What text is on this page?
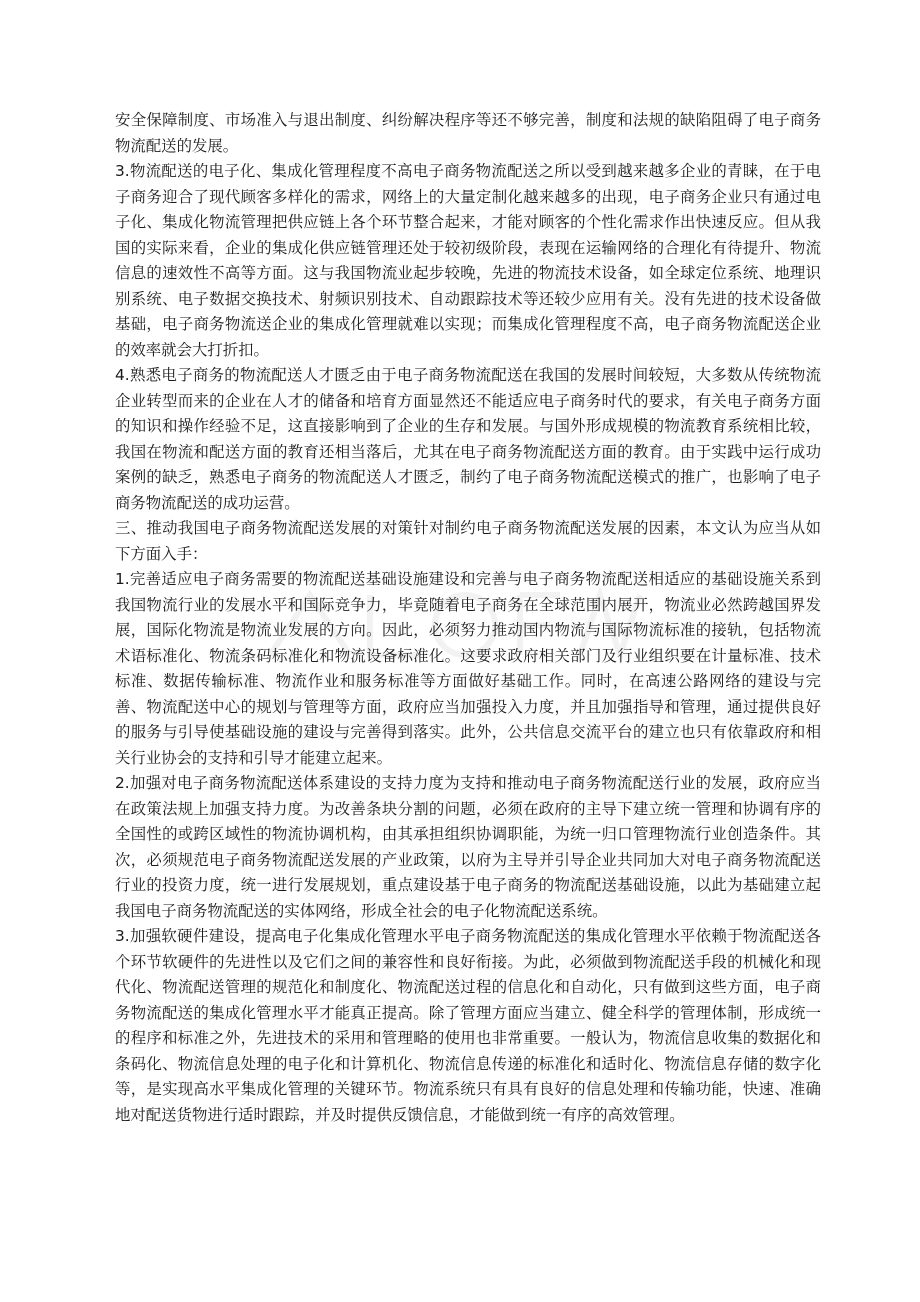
安全保障制度、市场准入与退出制度、纠纷解决程序等还不够完善，制度和法规的缺陷阻碍了电子商务物流配送的发展。

3.物流配送的电子化、集成化管理程度不高电子商务物流配送之所以受到越来越多企业的青睐，在于电子商务迎合了现代顾客多样化的需求，网络上的大量定制化越来越多的出现，电子商务企业只有通过电子化、集成化物流管理把供应链上各个环节整合起来，才能对顾客的个性化需求作出快速反应。但从我国的实际来看，企业的集成化供应链管理还处于较初级阶段，表现在运输网络的合理化有待提升、物流信息的速效性不高等方面。这与我国物流业起步较晚，先进的物流技术设备，如全球定位系统、地理识别系统、电子数据交换技术、射频识别技术、自动跟踪技术等还较少应用有关。没有先进的技术设备做基础，电子商务物流送企业的集成化管理就难以实现；而集成化管理程度不高，电子商务物流配送企业的效率就会大打折扣。

4.熟悉电子商务的物流配送人才匮乏由于电子商务物流配送在我国的发展时间较短，大多数从传统物流企业转型而来的企业在人才的储备和培育方面显然还不能适应电子商务时代的要求，有关电子商务方面的知识和操作经验不足，这直接影响到了企业的生存和发展。与国外形成规模的物流教育系统相比较，我国在物流和配送方面的教育还相当落后，尤其在电子商务物流配送方面的教育。由于实践中运行成功案例的缺乏，熟悉电子商务的物流配送人才匮乏，制约了电子商务物流配送模式的推广，也影响了电子商务物流配送的成功运营。

三、推动我国电子商务物流配送发展的对策针对制约电子商务物流配送发展的因素，本文认为应当从如下方面入手：

1.完善适应电子商务需要的物流配送基础设施建设和完善与电子商务物流配送相适应的基础设施关系到我国物流行业的发展水平和国际竞争力，毕竟随着电子商务在全球范围内展开，物流业必然跨越国界发展，国际化物流是物流业发展的方向。因此，必须努力推动国内物流与国际物流标准的接轨，包括物流术语标准化、物流条码标准化和物流设备标准化。这要求政府相关部门及行业组织要在计量标准、技术标准、数据传输标准、物流作业和服务标准等方面做好基础工作。同时，在高速公路网络的建设与完善、物流配送中心的规划与管理等方面，政府应当加强投入力度，并且加强指导和管理，通过提供良好的服务与引导使基础设施的建设与完善得到落实。此外，公共信息交流平台的建立也只有依靠政府和相关行业协会的支持和引导才能建立起来。

2.加强对电子商务物流配送体系建设的支持力度为支持和推动电子商务物流配送行业的发展，政府应当在政策法规上加强支持力度。为改善条块分割的问题，必须在政府的主导下建立统一管理和协调有序的全国性的或跨区域性的物流协调机构，由其承担组织协调职能，为统一归口管理物流行业创造条件。其次，必须规范电子商务物流配送发展的产业政策，以府为主导并引导企业共同加大对电子商务物流配送行业的投资力度，统一进行发展规划，重点建设基于电子商务的物流配送基础设施，以此为基础建立起我国电子商务物流配送的实体网络，形成全社会的电子化物流配送系统。

3.加强软硬件建设，提高电子化集成化管理水平电子商务物流配送的集成化管理水平依赖于物流配送各个环节软硬件的先进性以及它们之间的兼容性和良好衔接。为此，必须做到物流配送手段的机械化和现代化、物流配送管理的规范化和制度化、物流配送过程的信息化和自动化，只有做到这些方面，电子商务物流配送的集成化管理水平才能真正提高。除了管理方面应当建立、健全科学的管理体制，形成统一的程序和标准之外，先进技术的采用和管理略的使用也非常重要。一般认为，物流信息收集的数据化和条码化、物流信息处理的电子化和计算机化、物流信息传递的标准化和适时化、物流信息存储的数字化等，是实现高水平集成化管理的关键环节。物流系统只有具有良好的信息处理和传输功能，快速、准确地对配送货物进行适时跟踪，并及时提供反馈信息，才能做到统一有序的高效管理。
